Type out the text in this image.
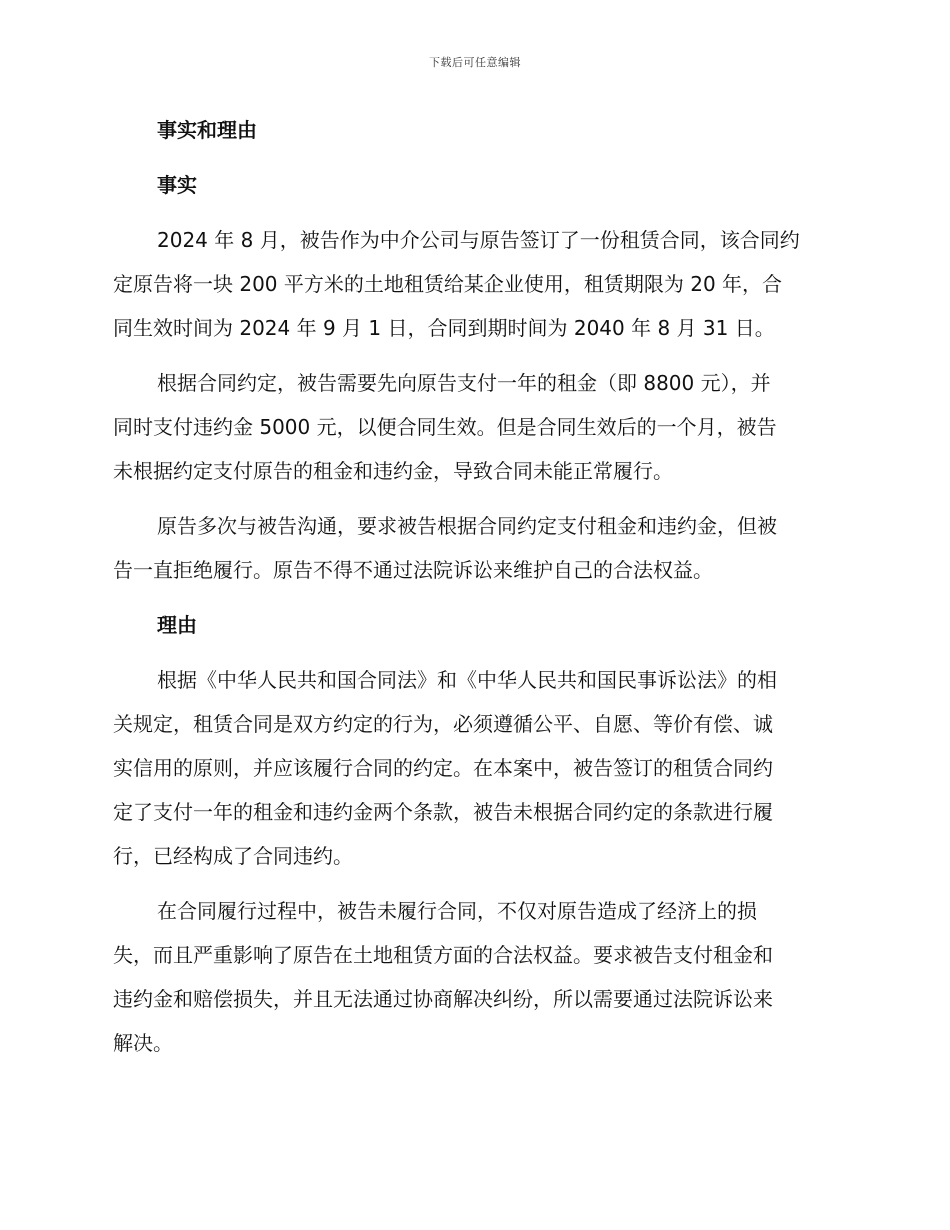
下载后可任意编辑
事实和理由
事实
2024 年 8 月，被告作为中介公司与原告签订了一份租赁合同，该合同约
定原告将一块 200 平方米的土地租赁给某企业使用，租赁期限为 20 年，合
同生效时间为 2024 年 9 月 1 日，合同到期时间为 2040 年 8 月 31 日。
根据合同约定，被告需要先向原告支付一年的租金（即 8800 元），并
同时支付违约金 5000 元，以便合同生效。但是合同生效后的一个月，被告
未根据约定支付原告的租金和违约金，导致合同未能正常履行。
原告多次与被告沟通，要求被告根据合同约定支付租金和违约金，但被
告一直拒绝履行。原告不得不通过法院诉讼来维护自己的合法权益。
理由
根据《中华人民共和国合同法》和《中华人民共和国民事诉讼法》的相
关规定，租赁合同是双方约定的行为，必须遵循公平、自愿、等价有偿、诚
实信用的原则，并应该履行合同的约定。在本案中，被告签订的租赁合同约
定了支付一年的租金和违约金两个条款，被告未根据合同约定的条款进行履
行，已经构成了合同违约。
在合同履行过程中，被告未履行合同，不仅对原告造成了经济上的损
失，而且严重影响了原告在土地租赁方面的合法权益。要求被告支付租金和
违约金和赔偿损失，并且无法通过协商解决纠纷，所以需要通过法院诉讼来
解决。
